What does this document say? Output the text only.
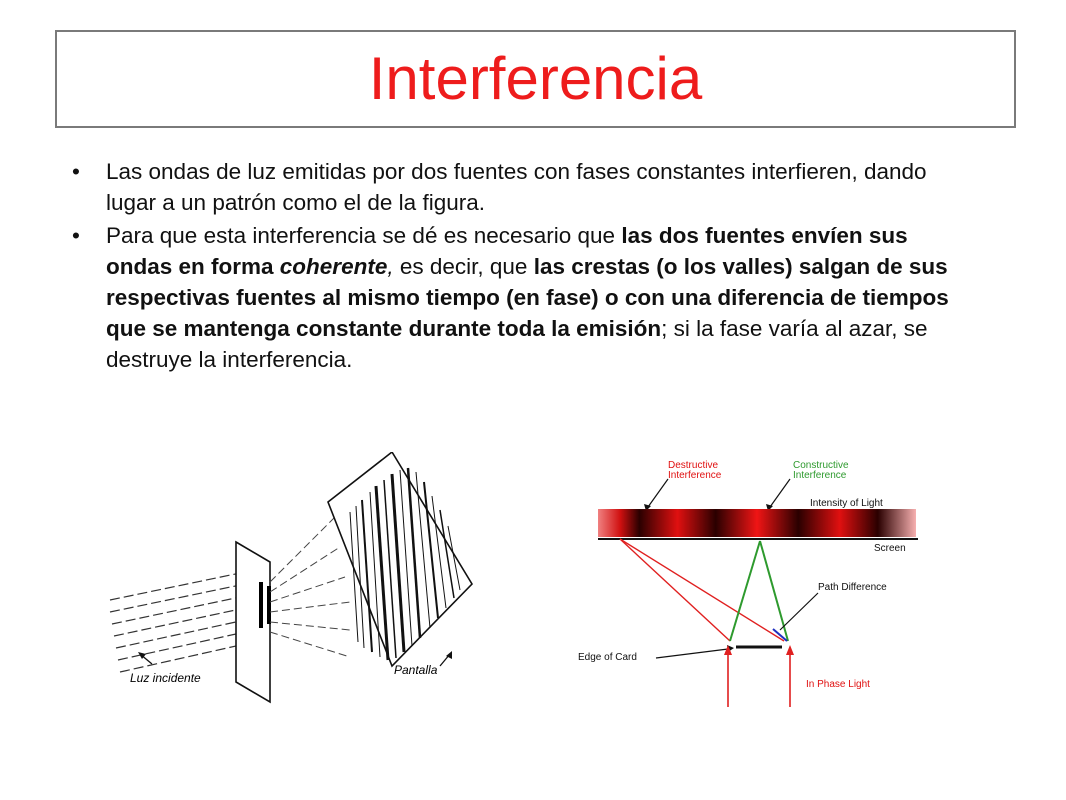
Interferencia
• Las ondas de luz emitidas por dos fuentes con fases constantes interfieren, dando lugar a un patrón como el de la figura.
• Para que esta interferencia se dé es necesario que las dos fuentes envíen sus ondas en forma coherente, es decir, que las crestas (o los valles) salgan de sus respectivas fuentes al mismo tiempo (en fase) o con una diferencia de tiempos que se mantenga constante durante toda la emisión; si la fase varía al azar, se destruye la interferencia.
Luz incidente
Pantalla
Destructive Interference
Constructive Interference
Intensity of Light
Screen
Path Difference
Edge of Card
In Phase Light
